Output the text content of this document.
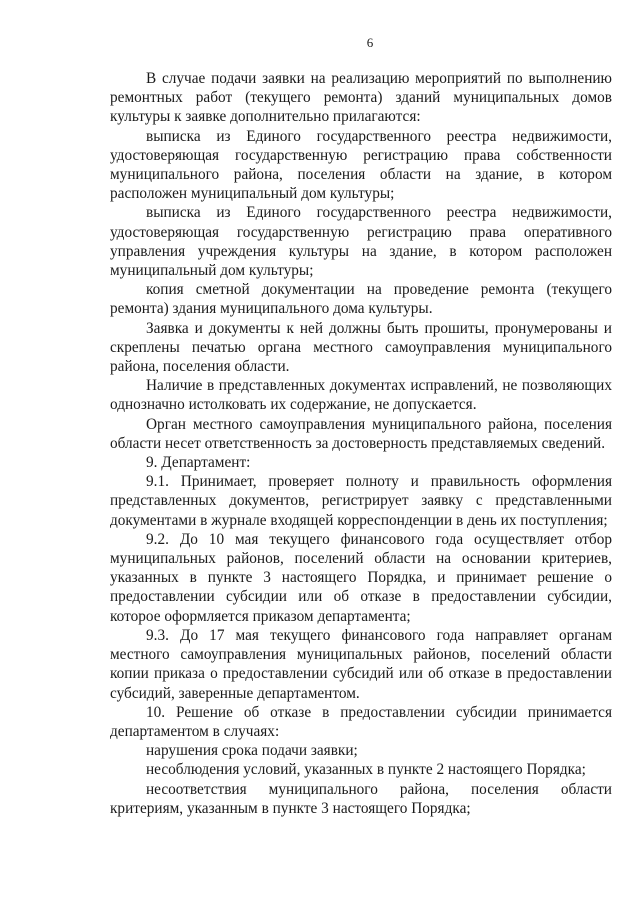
6

В случае подачи заявки на реализацию мероприятий по выполнению ремонтных работ (текущего ремонта) зданий муниципальных домов культуры к заявке дополнительно прилагаются:

выписка из Единого государственного реестра недвижимости, удостоверяющая государственную регистрацию права собственности муниципального района, поселения области на здание, в котором расположен муниципальный дом культуры;

выписка из Единого государственного реестра недвижимости, удостоверяющая государственную регистрацию права оперативного управления учреждения культуры на здание, в котором расположен муниципальный дом культуры;

копия сметной документации на проведение ремонта (текущего ремонта) здания муниципального дома культуры.

Заявка и документы к ней должны быть прошиты, пронумерованы и скреплены печатью органа местного самоуправления муниципального района, поселения области.

Наличие в представленных документах исправлений, не позволяющих однозначно истолковать их содержание, не допускается.

Орган местного самоуправления муниципального района, поселения области несет ответственность за достоверность представляемых сведений.

9. Департамент:

9.1. Принимает, проверяет полноту и правильность оформления представленных документов, регистрирует заявку с представленными документами в журнале входящей корреспонденции в день их поступления;

9.2. До 10 мая текущего финансового года осуществляет отбор муниципальных районов, поселений области на основании критериев, указанных в пункте 3 настоящего Порядка, и принимает решение о предоставлении субсидии или об отказе в предоставлении субсидии, которое оформляется приказом департамента;

9.3. До 17 мая текущего финансового года направляет органам местного самоуправления муниципальных районов, поселений области копии приказа о предоставлении субсидий или об отказе в предоставлении субсидий, заверенные департаментом.

10. Решение об отказе в предоставлении субсидии принимается департаментом в случаях:

нарушения срока подачи заявки;

несоблюдения условий, указанных в пункте 2 настоящего Порядка;

несоответствия муниципального района, поселения области критериям, указанным в пункте 3 настоящего Порядка;
